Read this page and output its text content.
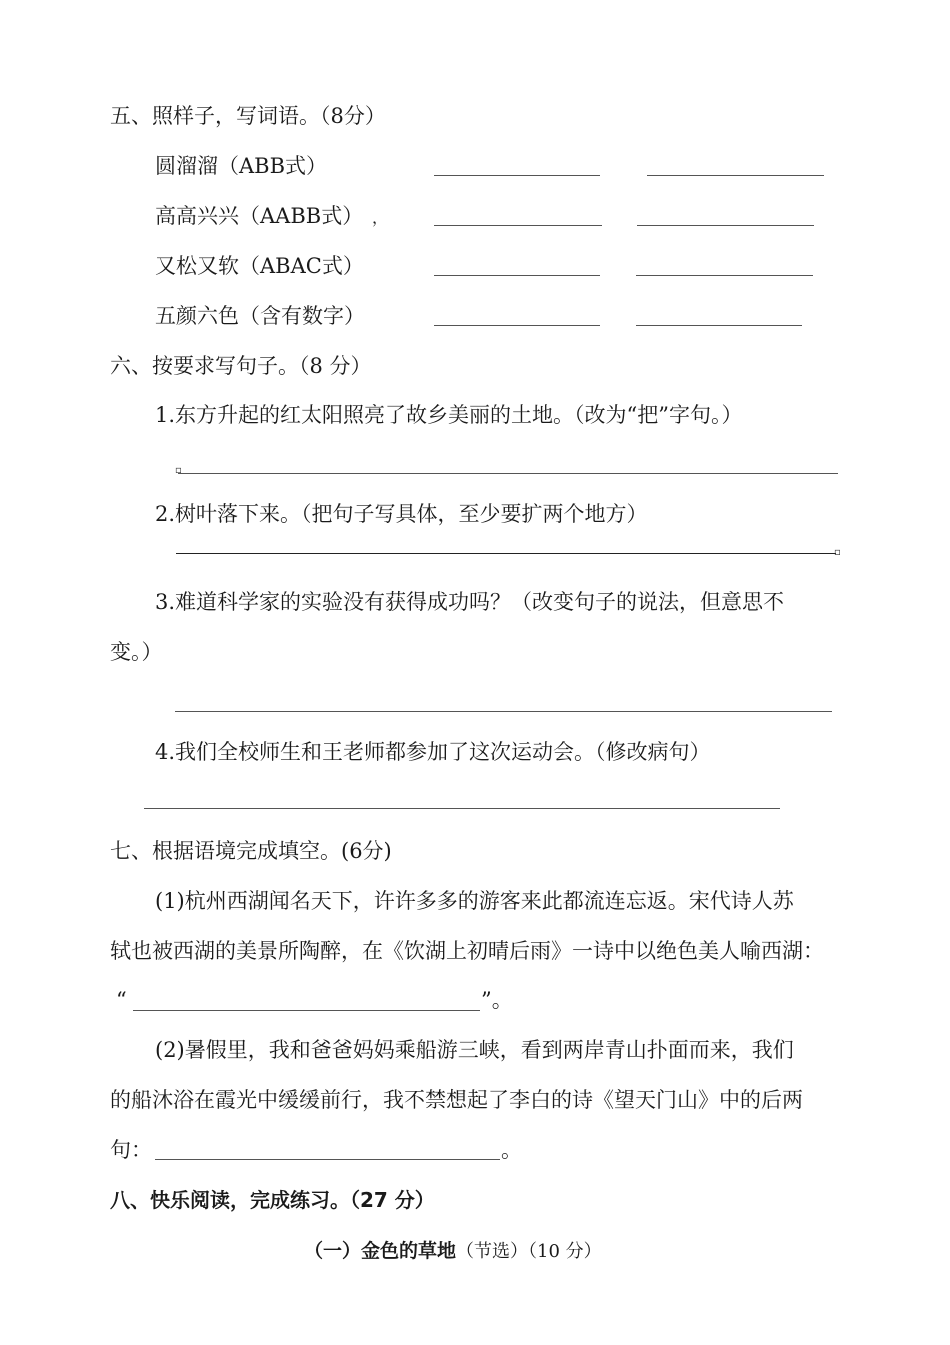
五、照样子，写词语。（8分）
圆溜溜（ABB式）
高高兴兴（AABB式） ，
又松又软（ABAC式）
五颜六色（含有数字）
六、按要求写句子。（8 分）
1.东方升起的红太阳照亮了故乡美丽的土地。（改为“把”字句。）
▫
2.树叶落下来。（把句子写具体，至少要扩两个地方）
▫
3.难道科学家的实验没有获得成功吗？（改变句子的说法，但意思不
变。）
4.我们全校师生和王老师都参加了这次运动会。（修改病句）
七、根据语境完成填空。(6分)
(1)杭州西湖闻名天下，许许多多的游客来此都流连忘返。宋代诗人苏
轼也被西湖的美景所陶醉，在《饮湖上初晴后雨》一诗中以绝色美人喻西湖：
“	”。
(2)暑假里，我和爸爸妈妈乘船游三峡，看到两岸青山扑面而来，我们
的船沐浴在霞光中缓缓前行，我不禁想起了李白的诗《望天门山》中的后两
句：	。
八、快乐阅读，完成练习。（27 分）
（一）金色的草地（节选）（10 分）
